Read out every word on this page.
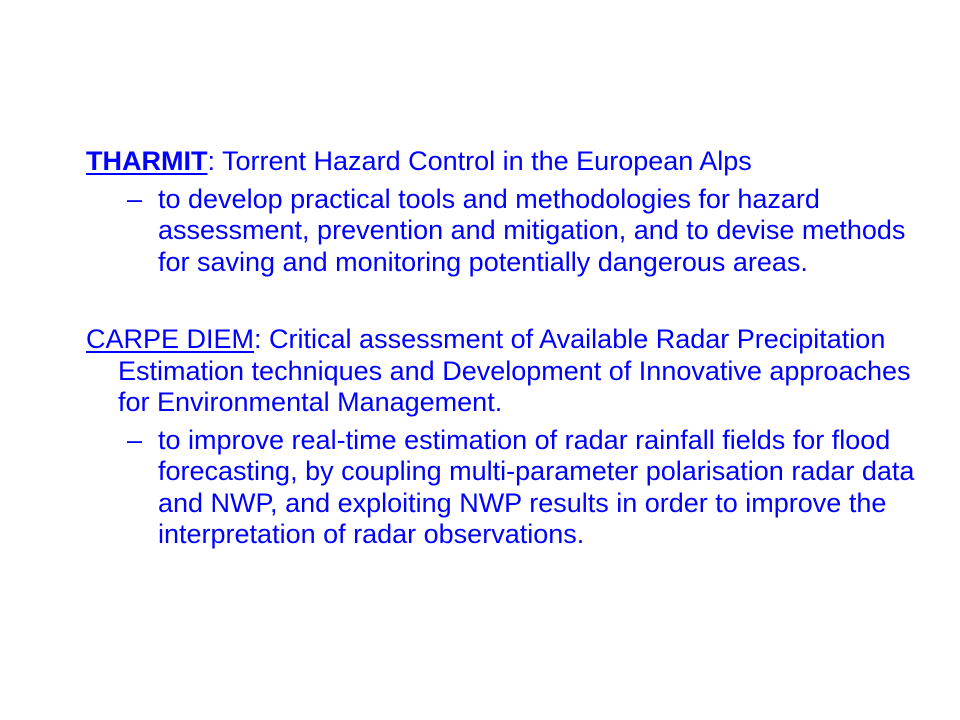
THARMIT: Torrent Hazard Control in the European Alps

– to develop practical tools and methodologies for hazard assessment, prevention and mitigation, and to devise methods for saving and monitoring potentially dangerous areas.

CARPE DIEM: Critical assessment of Available Radar Precipitation Estimation techniques and Development of Innovative approaches for Environmental Management.

– to improve real-time estimation of radar rainfall fields for flood forecasting, by coupling multi-parameter polarisation radar data and NWP, and exploiting NWP results in order to improve the interpretation of radar observations.
